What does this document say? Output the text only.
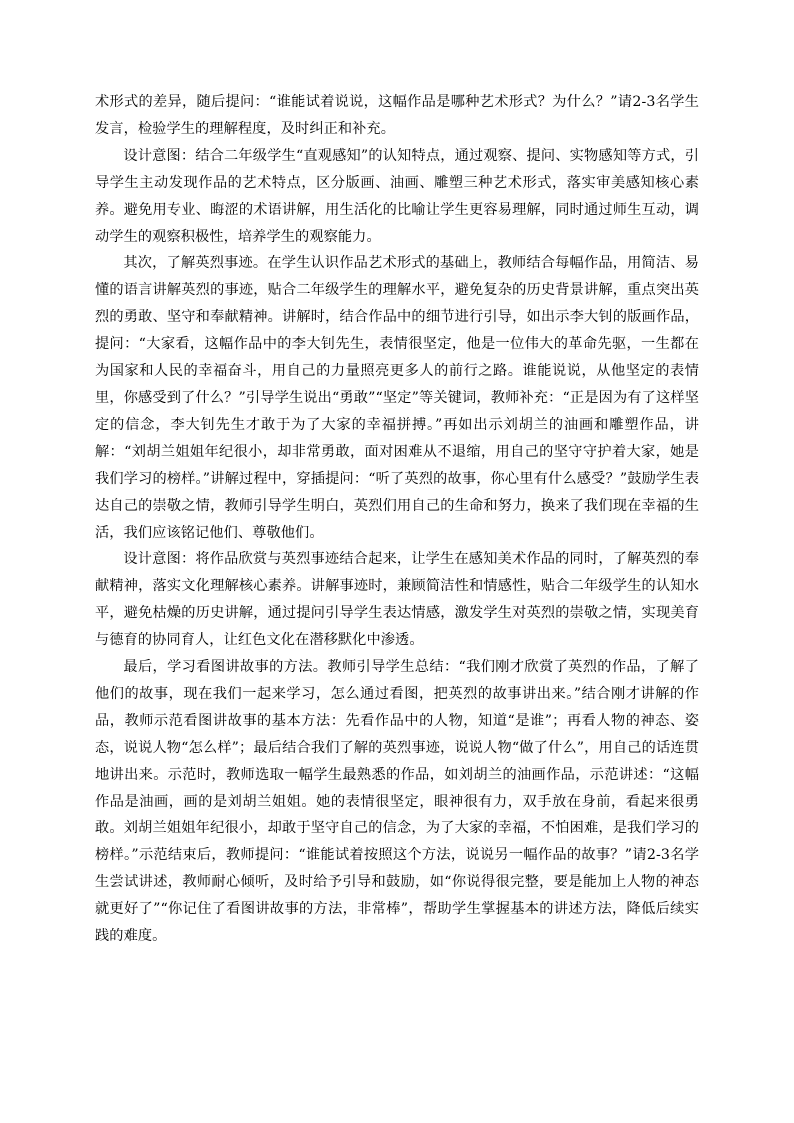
术形式的差异，随后提问：“谁能试着说说，这幅作品是哪种艺术形式？为什么？”请2-3名学生发言，检验学生的理解程度，及时纠正和补充。

设计意图：结合二年级学生“直观感知”的认知特点，通过观察、提问、实物感知等方式，引导学生主动发现作品的艺术特点，区分版画、油画、雕塑三种艺术形式，落实审美感知核心素养。避免用专业、晦涩的术语讲解，用生活化的比喻让学生更容易理解，同时通过师生互动，调动学生的观察积极性，培养学生的观察能力。

其次，了解英烈事迹。在学生认识作品艺术形式的基础上，教师结合每幅作品，用简洁、易懂的语言讲解英烈的事迹，贴合二年级学生的理解水平，避免复杂的历史背景讲解，重点突出英烈的勇敢、坚守和奉献精神。讲解时，结合作品中的细节进行引导，如出示李大钊的版画作品，提问：“大家看，这幅作品中的李大钊先生，表情很坚定，他是一位伟大的革命先驱，一生都在为国家和人民的幸福奋斗，用自己的力量照亮更多人的前行之路。谁能说说，从他坚定的表情里，你感受到了什么？”引导学生说出“勇敢”“坚定”等关键词，教师补充：“正是因为有了这样坚定的信念，李大钊先生才敢于为了大家的幸福拼搏。”再如出示刘胡兰的油画和雕塑作品，讲解：“刘胡兰姐姐年纪很小，却非常勇敢，面对困难从不退缩，用自己的坚守守护着大家，她是我们学习的榜样。”讲解过程中，穿插提问：“听了英烈的故事，你心里有什么感受？”鼓励学生表达自己的崇敬之情，教师引导学生明白，英烈们用自己的生命和努力，换来了我们现在幸福的生活，我们应该铭记他们、尊敬他们。

设计意图：将作品欣赏与英烈事迹结合起来，让学生在感知美术作品的同时，了解英烈的奉献精神，落实文化理解核心素养。讲解事迹时，兼顾简洁性和情感性，贴合二年级学生的认知水平，避免枯燥的历史讲解，通过提问引导学生表达情感，激发学生对英烈的崇敬之情，实现美育与德育的协同育人，让红色文化在潜移默化中渗透。

最后，学习看图讲故事的方法。教师引导学生总结：“我们刚才欣赏了英烈的作品，了解了他们的故事，现在我们一起来学习，怎么通过看图，把英烈的故事讲出来。”结合刚才讲解的作品，教师示范看图讲故事的基本方法：先看作品中的人物，知道“是谁”；再看人物的神态、姿态，说说人物“怎么样”；最后结合我们了解的英烈事迹，说说人物“做了什么”，用自己的话连贯地讲出来。示范时，教师选取一幅学生最熟悉的作品，如刘胡兰的油画作品，示范讲述：“这幅作品是油画，画的是刘胡兰姐姐。她的表情很坚定，眼神很有力，双手放在身前，看起来很勇敢。刘胡兰姐姐年纪很小，却敢于坚守自己的信念，为了大家的幸福，不怕困难，是我们学习的榜样。”示范结束后，教师提问：“谁能试着按照这个方法，说说另一幅作品的故事？”请2-3名学生尝试讲述，教师耐心倾听，及时给予引导和鼓励，如“你说得很完整，要是能加上人物的神态就更好了”“你记住了看图讲故事的方法，非常棒”，帮助学生掌握基本的讲述方法，降低后续实践的难度。
